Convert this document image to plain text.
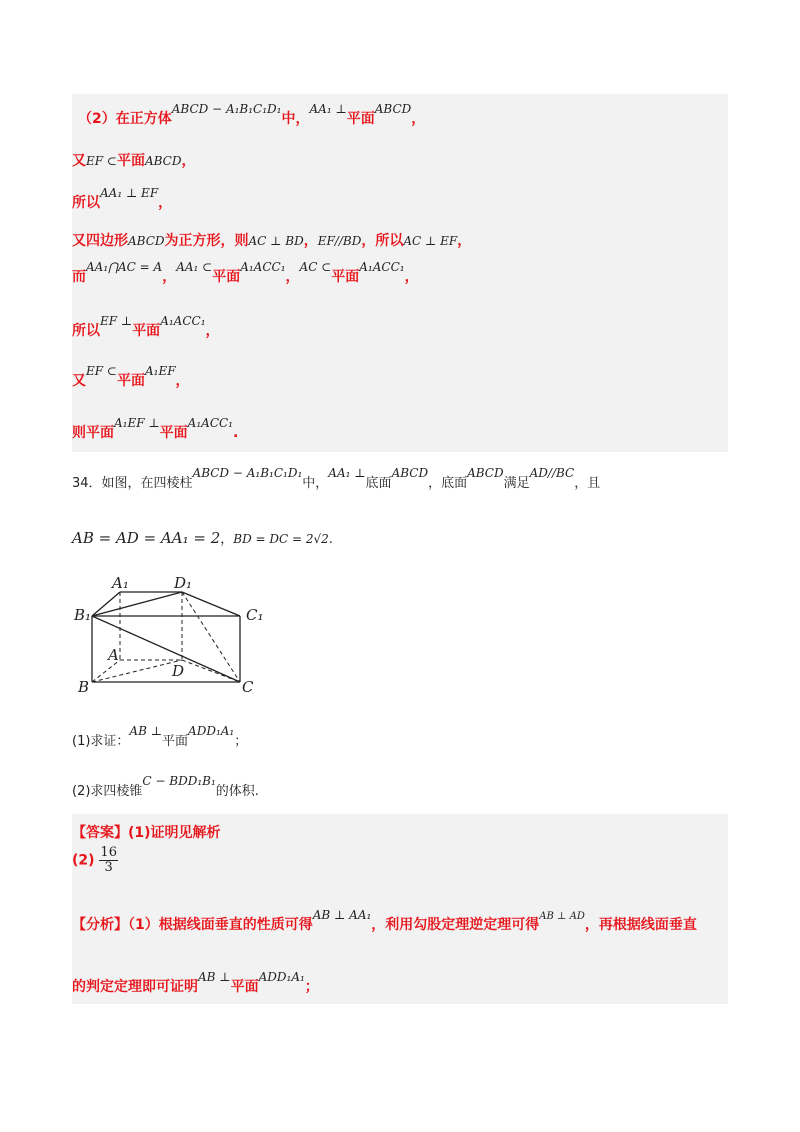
（2）在正方体ABCD − A₁B₁C₁D₁中，AA₁ ⊥平面ABCD，
又EF ⊂平面ABCD，
所以AA₁ ⊥ EF，
又四边形ABCD为正方形，则AC ⊥ BD，EF//BD，所以AC ⊥ EF，
而AA₁⋂AC = A，AA₁ ⊂平面A₁ACC₁，AC ⊂平面A₁ACC₁，
所以EF ⊥平面A₁ACC₁，
又EF ⊂平面A₁EF，
则平面A₁EF ⊥平面A₁ACC₁.
34．如图，在四棱柱ABCD − A₁B₁C₁D₁中，AA₁ ⊥底面ABCD，底面ABCD满足AD//BC，且
AB = AD = AA₁ = 2，BD = DC = 2√2.
A₁	D₁
B₁	C₁
A
D
B	C
(1)求证：AB ⊥平面ADD₁A₁；
(2)求四棱锥C − BDD₁B₁的体积.
【答案】(1)证明见解析
$(2) \frac{16}{3}$
【分析】（1）根据线面垂直的性质可得AB ⊥ AA₁，利用勾股定理逆定理可得$^{AB \perp AD}$，再根据线面垂直
的判定定理即可证明AB ⊥平面ADD₁A₁；
